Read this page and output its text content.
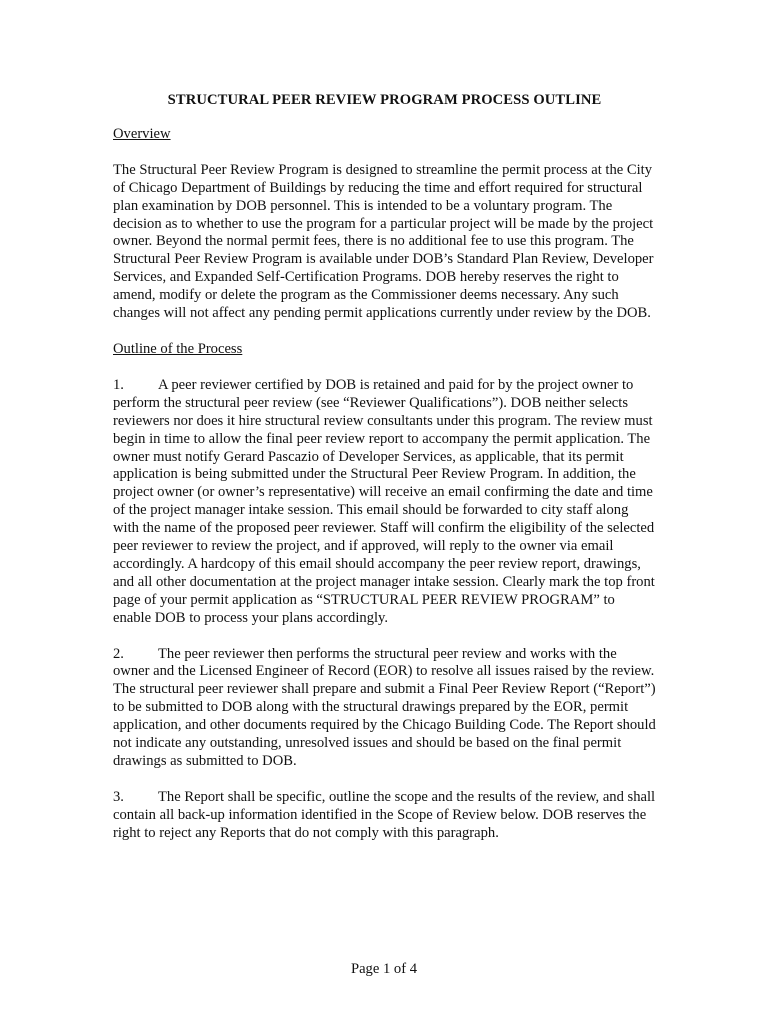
STRUCTURAL PEER REVIEW PROGRAM PROCESS OUTLINE
Overview
The Structural Peer Review Program is designed to streamline the permit process at the City of Chicago Department of Buildings by reducing the time and effort required for structural plan examination by DOB personnel. This is intended to be a voluntary program. The decision as to whether to use the program for a particular project will be made by the project owner. Beyond the normal permit fees, there is no additional fee to use this program. The Structural Peer Review Program is available under DOB’s Standard Plan Review, Developer Services, and Expanded Self-Certification Programs. DOB hereby reserves the right to amend, modify or delete the program as the Commissioner deems necessary. Any such changes will not affect any pending permit applications currently under review by the DOB.
Outline of the Process
1. A peer reviewer certified by DOB is retained and paid for by the project owner to perform the structural peer review (see “Reviewer Qualifications”). DOB neither selects reviewers nor does it hire structural review consultants under this program. The review must begin in time to allow the final peer review report to accompany the permit application. The owner must notify Gerard Pascazio of Developer Services, as applicable, that its permit application is being submitted under the Structural Peer Review Program. In addition, the project owner (or owner’s representative) will receive an email confirming the date and time of the project manager intake session. This email should be forwarded to city staff along with the name of the proposed peer reviewer. Staff will confirm the eligibility of the selected peer reviewer to review the project, and if approved, will reply to the owner via email accordingly. A hardcopy of this email should accompany the peer review report, drawings, and all other documentation at the project manager intake session. Clearly mark the top front page of your permit application as “STRUCTURAL PEER REVIEW PROGRAM” to enable DOB to process your plans accordingly.
2. The peer reviewer then performs the structural peer review and works with the owner and the Licensed Engineer of Record (EOR) to resolve all issues raised by the review. The structural peer reviewer shall prepare and submit a Final Peer Review Report (“Report”) to be submitted to DOB along with the structural drawings prepared by the EOR, permit application, and other documents required by the Chicago Building Code. The Report should not indicate any outstanding, unresolved issues and should be based on the final permit drawings as submitted to DOB.
3. The Report shall be specific, outline the scope and the results of the review, and shall contain all back-up information identified in the Scope of Review below. DOB reserves the right to reject any Reports that do not comply with this paragraph.
Page 1 of 4
